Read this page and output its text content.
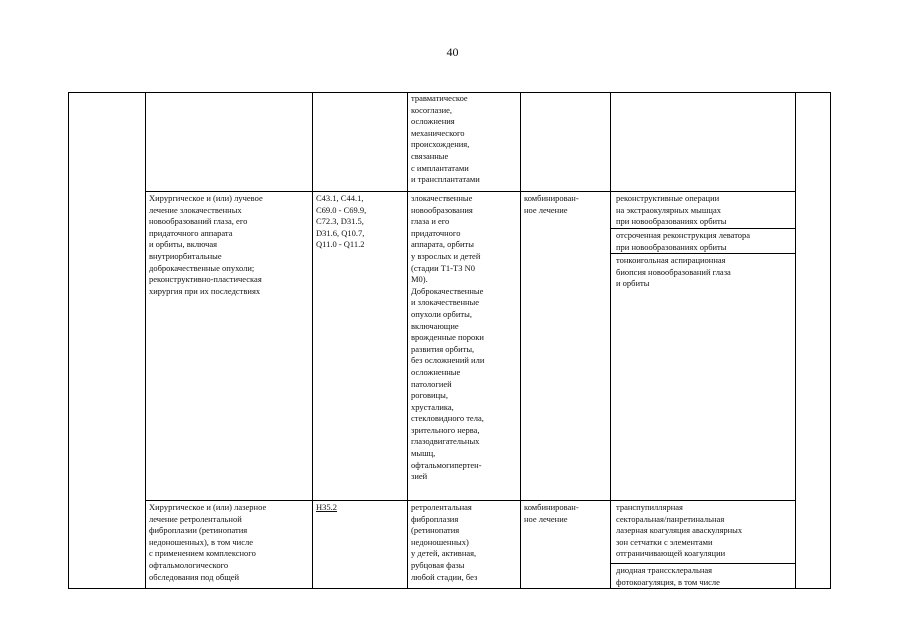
40
травматическое
косоглазие,
осложнения
механического
происхождения,
связанные
с имплантатами
и трансплантатами
Хирургическое и (или) лучевое
лечение злокачественных
новообразований глаза, его
придаточного аппарата
и орбиты, включая
внутриорбитальные
доброкачественные опухоли;
реконструктивно-пластическая
хирургия при их последствиях
C43.1, C44.1,
C69.0 - C69.9,
C72.3, D31.5,
D31.6, Q10.7,
Q11.0 - Q11.2
злокачественные
новообразования
глаза и его
придаточного
аппарата, орбиты
у взрослых и детей
(стадии T1-T3 N0
M0).
Доброкачественные
и злокачественные
опухоли орбиты,
включающие
врожденные пороки
развития орбиты,
без осложнений или
осложненные
патологией
роговицы,
хрусталика,
стекловидного тела,
зрительного нерва,
глазодвигательных
мышц,
офтальмогипертен-
зией
комбинирован-
ное лечение
реконструктивные операции
на экстраокулярных мышцах
при новообразованиях орбиты
отсроченная реконструкция леватора
при новообразованиях орбиты
тонкоигольная аспирационная
биопсия новообразований глаза
и орбиты
Хирургическое и (или) лазерное
лечение ретролентальной
фиброплазии (ретинопатия
недоношенных), в том числе
с применением комплексного
офтальмологического
обследования под общей
H35.2	ретролентальная
фиброплазия
(ретинопатия
недоношенных)
у детей, активная,
рубцовая фазы
любой стадии, без
комбинирован-
ное лечение
транспупиллярная
секторальная/панретинальная
лазерная коагуляция аваскулярных
зон сетчатки с элементами
отграничивающей коагуляции
диодная транссклеральная
фотокоагуляция, в том числе
